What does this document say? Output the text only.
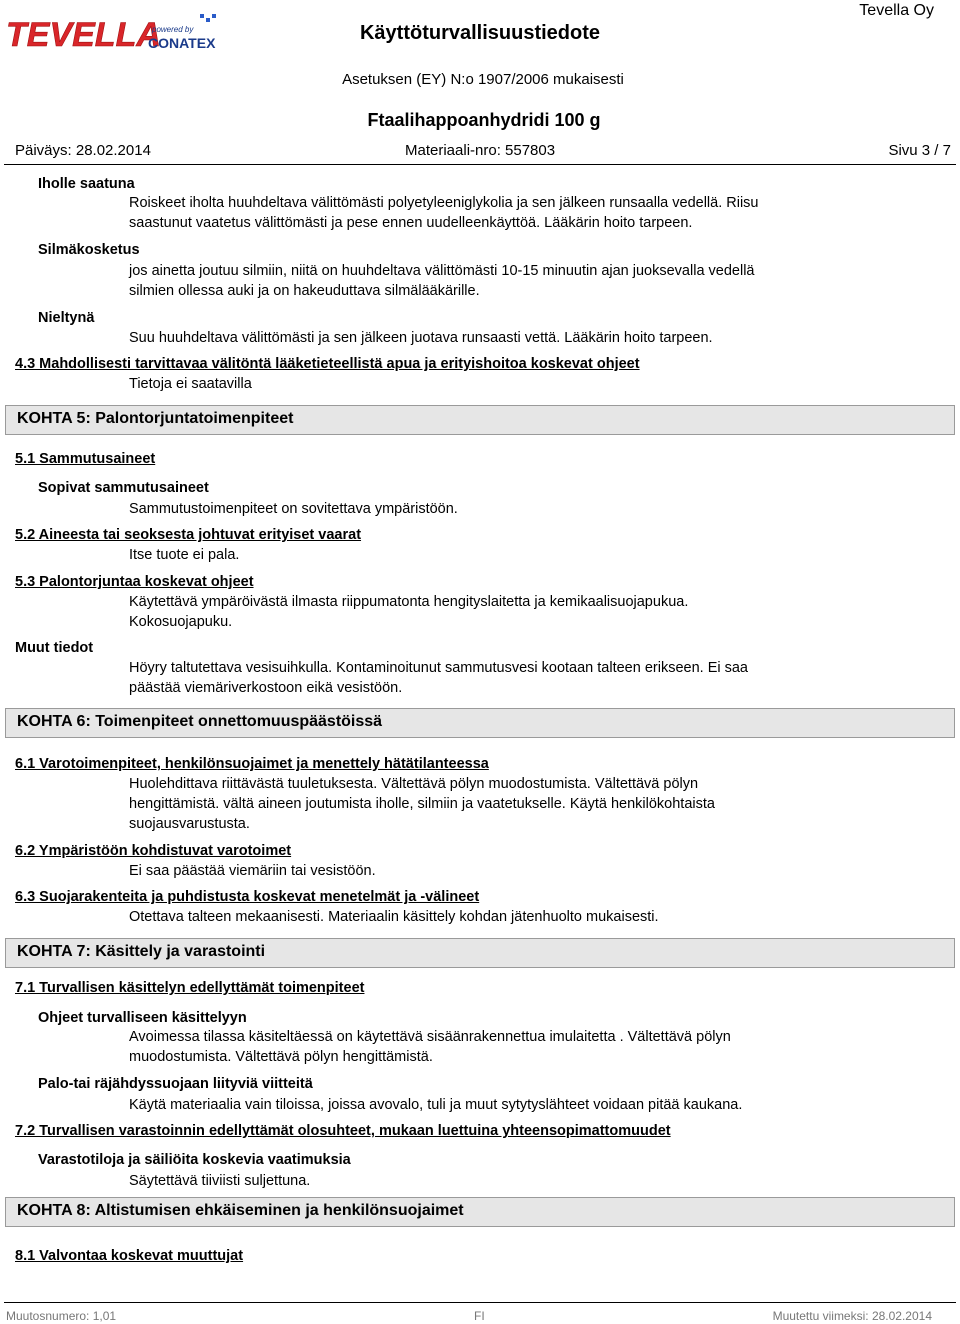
TEVELLA
powered by
CONATEX	Käyttöturvallisuustiedote
Tevella Oy
Asetuksen (EY) N:o 1907/2006 mukaisesti
Ftaalihappoanhydridi 100 g
Päiväys: 28.02.2014	Materiaali-nro: 557803	Sivu 3 / 7
Iholle saatuna
Roiskeet iholta huuhdeltava välittömästi polyetyleeniglykolia ja sen jälkeen runsaalla vedellä. Riisu
saastunut vaatetus välittömästi ja pese ennen uudelleenkäyttöä. Lääkärin hoito tarpeen.
Silmäkosketus
jos ainetta joutuu silmiin, niitä on huuhdeltava välittömästi 10-15 minuutin ajan juoksevalla vedellä
silmien ollessa auki ja on hakeuduttava silmälääkärille.
Nieltynä
Suu huuhdeltava välittömästi ja sen jälkeen juotava runsaasti vettä. Lääkärin hoito tarpeen.
4.3 Mahdollisesti tarvittavaa välitöntä lääketieteellistä apua ja erityishoitoa koskevat ohjeet
Tietoja ei saatavilla
KOHTA 5: Palontorjuntatoimenpiteet
5.1 Sammutusaineet
Sopivat sammutusaineet
Sammutustoimenpiteet on sovitettava ympäristöön.
5.2 Aineesta tai seoksesta johtuvat erityiset vaarat
Itse tuote ei pala.
5.3 Palontorjuntaa koskevat ohjeet
Käytettävä ympäröivästä ilmasta riippumatonta hengityslaitetta ja kemikaalisuojapukua.
Kokosuojapuku.
Muut tiedot
Höyry taltutettava vesisuihkulla. Kontaminoitunut sammutusvesi kootaan talteen erikseen. Ei saa
päästää viemäriverkostoon eikä vesistöön.
KOHTA 6: Toimenpiteet onnettomuuspäästöissä
6.1 Varotoimenpiteet, henkilönsuojaimet ja menettely hätätilanteessa
Huolehdittava riittävästä tuuletuksesta. Vältettävä pölyn muodostumista. Vältettävä pölyn
hengittämistä. vältä aineen joutumista iholle, silmiin ja vaatetukselle. Käytä henkilökohtaista
suojausvarustusta.
6.2 Ympäristöön kohdistuvat varotoimet
Ei saa päästää viemäriin tai vesistöön.
6.3 Suojarakenteita ja puhdistusta koskevat menetelmät ja -välineet
Otettava talteen mekaanisesti. Materiaalin käsittely kohdan jätenhuolto mukaisesti.
KOHTA 7: Käsittely ja varastointi
7.1 Turvallisen käsittelyn edellyttämät toimenpiteet
Ohjeet turvalliseen käsittelyyn
Avoimessa tilassa käsiteltäessä on käytettävä sisäänrakennettua imulaitetta . Vältettävä pölyn
muodostumista. Vältettävä pölyn hengittämistä.
Palo-tai räjähdyssuojaan liityviä viitteitä
Käytä materiaalia vain tiloissa, joissa avovalo, tuli ja muut sytytyslähteet voidaan pitää kaukana.
7.2 Turvallisen varastoinnin edellyttämät olosuhteet, mukaan luettuina yhteensopimattomuudet
Varastotiloja ja säiliöita koskevia vaatimuksia
Säytettävä tiiviisti suljettuna.
KOHTA 8: Altistumisen ehkäiseminen ja henkilönsuojaimet
8.1 Valvontaa koskevat muuttujat
Muutosnumero: 1,01	FI	Muutettu viimeksi: 28.02.2014
